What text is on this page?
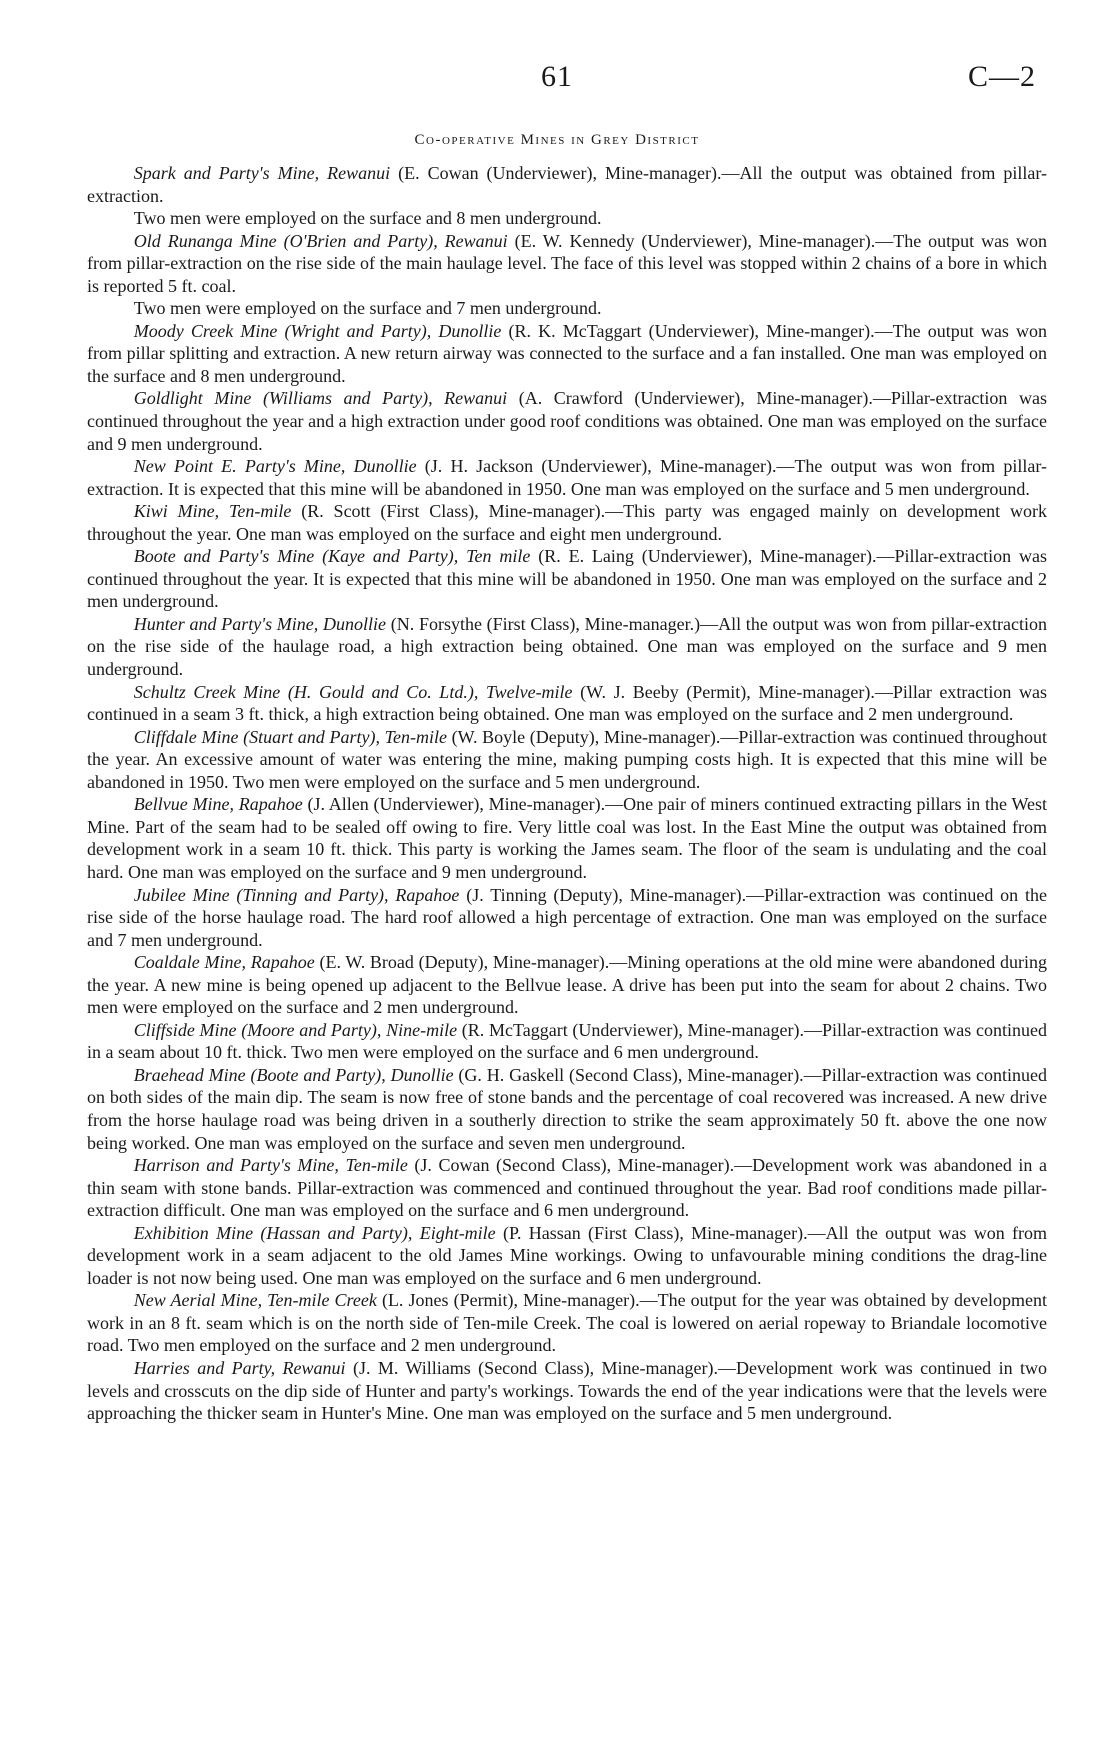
61	C—2
Co-operative Mines in Grey District

Spark and Party's Mine, Rewanui (E. Cowan (Underviewer), Mine-manager).—All the output was obtained from pillar-extraction.

Two men were employed on the surface and 8 men underground.

Old Runanga Mine (O'Brien and Party), Rewanui (E. W. Kennedy (Underviewer), Mine-manager).—The output was won from pillar-extraction on the rise side of the main haulage level. The face of this level was stopped within 2 chains of a bore in which is reported 5 ft. coal.

Two men were employed on the surface and 7 men underground.

Moody Creek Mine (Wright and Party), Dunollie (R. K. McTaggart (Underviewer), Mine-manger).—The output was won from pillar splitting and extraction. A new return airway was connected to the surface and a fan installed. One man was employed on the surface and 8 men underground.

Goldlight Mine (Williams and Party), Rewanui (A. Crawford (Underviewer), Mine-manager).—Pillar-extraction was continued throughout the year and a high extraction under good roof conditions was obtained. One man was employed on the surface and 9 men underground.

New Point E. Party's Mine, Dunollie (J. H. Jackson (Underviewer), Mine-manager).—The output was won from pillar-extraction. It is expected that this mine will be abandoned in 1950. One man was employed on the surface and 5 men underground.

Kiwi Mine, Ten-mile (R. Scott (First Class), Mine-manager).—This party was engaged mainly on development work throughout the year. One man was employed on the surface and eight men underground.

Boote and Party's Mine (Kaye and Party), Ten mile (R. E. Laing (Underviewer), Mine-manager).—Pillar-extraction was continued throughout the year. It is expected that this mine will be abandoned in 1950. One man was employed on the surface and 2 men underground.

Hunter and Party's Mine, Dunollie (N. Forsythe (First Class), Mine-manager.)—All the output was won from pillar-extraction on the rise side of the haulage road, a high extraction being obtained. One man was employed on the surface and 9 men underground.

Schultz Creek Mine (H. Gould and Co. Ltd.), Twelve-mile (W. J. Beeby (Permit), Mine-manager).—Pillar extraction was continued in a seam 3 ft. thick, a high extraction being obtained. One man was employed on the surface and 2 men underground.

Cliffdale Mine (Stuart and Party), Ten-mile (W. Boyle (Deputy), Mine-manager).—Pillar-extraction was continued throughout the year. An excessive amount of water was entering the mine, making pumping costs high. It is expected that this mine will be abandoned in 1950. Two men were employed on the surface and 5 men underground.

Bellvue Mine, Rapahoe (J. Allen (Underviewer), Mine-manager).—One pair of miners continued extracting pillars in the West Mine. Part of the seam had to be sealed off owing to fire. Very little coal was lost. In the East Mine the output was obtained from development work in a seam 10 ft. thick. This party is working the James seam. The floor of the seam is undulating and the coal hard. One man was employed on the surface and 9 men underground.

Jubilee Mine (Tinning and Party), Rapahoe (J. Tinning (Deputy), Mine-manager).—Pillar-extraction was continued on the rise side of the horse haulage road. The hard roof allowed a high percentage of extraction. One man was employed on the surface and 7 men underground.

Coaldale Mine, Rapahoe (E. W. Broad (Deputy), Mine-manager).—Mining operations at the old mine were abandoned during the year. A new mine is being opened up adjacent to the Bellvue lease. A drive has been put into the seam for about 2 chains. Two men were employed on the surface and 2 men underground.

Cliffside Mine (Moore and Party), Nine-mile (R. McTaggart (Underviewer), Mine-manager).—Pillar-extraction was continued in a seam about 10 ft. thick. Two men were employed on the surface and 6 men underground.

Braehead Mine (Boote and Party), Dunollie (G. H. Gaskell (Second Class), Mine-manager).—Pillar-extraction was continued on both sides of the main dip. The seam is now free of stone bands and the percentage of coal recovered was increased. A new drive from the horse haulage road was being driven in a southerly direction to strike the seam approximately 50 ft. above the one now being worked. One man was employed on the surface and seven men underground.

Harrison and Party's Mine, Ten-mile (J. Cowan (Second Class), Mine-manager).—Development work was abandoned in a thin seam with stone bands. Pillar-extraction was commenced and continued throughout the year. Bad roof conditions made pillar-extraction difficult. One man was employed on the surface and 6 men underground.

Exhibition Mine (Hassan and Party), Eight-mile (P. Hassan (First Class), Mine-manager).—All the output was won from development work in a seam adjacent to the old James Mine workings. Owing to unfavourable mining conditions the drag-line loader is not now being used. One man was employed on the surface and 6 men underground.

New Aerial Mine, Ten-mile Creek (L. Jones (Permit), Mine-manager).—The output for the year was obtained by development work in an 8 ft. seam which is on the north side of Ten-mile Creek. The coal is lowered on aerial ropeway to Briandale locomotive road. Two men employed on the surface and 2 men underground.

Harries and Party, Rewanui (J. M. Williams (Second Class), Mine-manager).—Development work was continued in two levels and crosscuts on the dip side of Hunter and party's workings. Towards the end of the year indications were that the levels were approaching the thicker seam in Hunter's Mine. One man was employed on the surface and 5 men underground.
